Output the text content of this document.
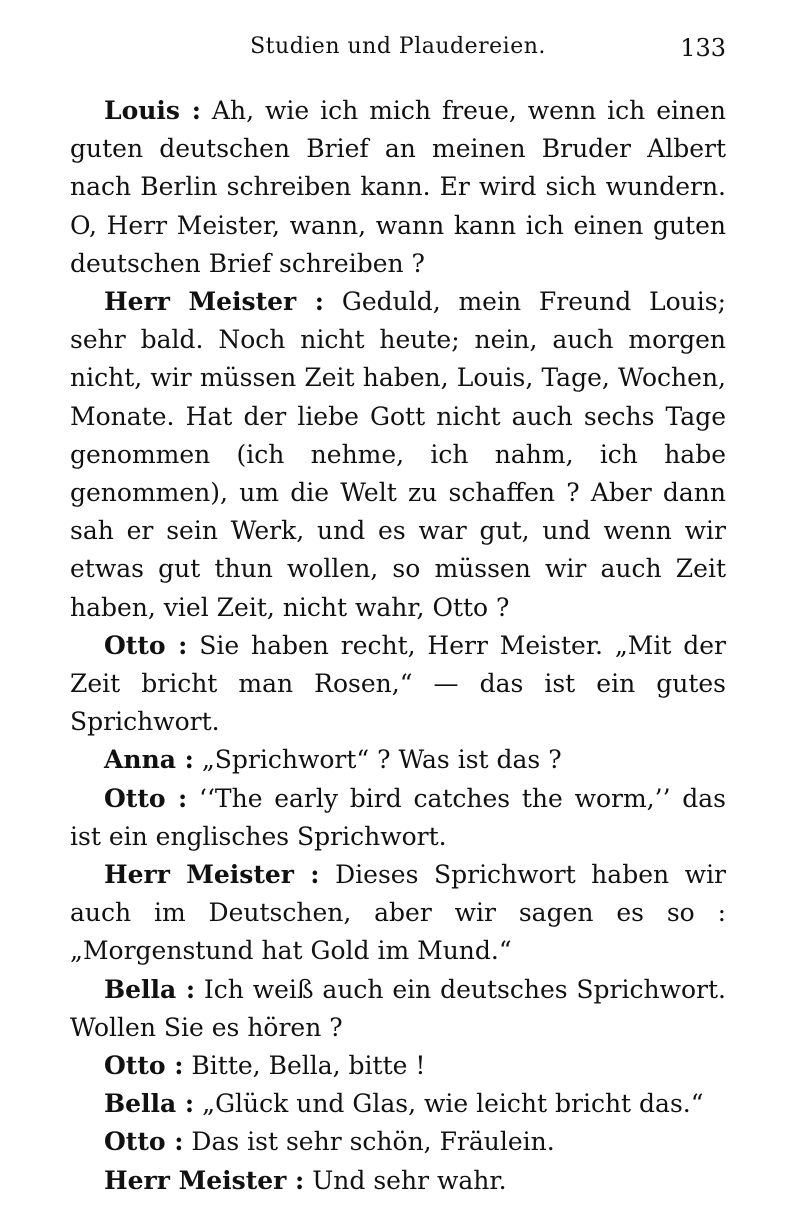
Studien und Plaudereien.	133

Louis : Ah, wie ich mich freue, wenn ich einen guten deutschen Brief an meinen Bruder Albert nach Berlin schreiben kann. Er wird sich wundern. O, Herr Meister, wann, wann kann ich einen guten deutschen Brief schreiben ?

Herr Meister : Geduld, mein Freund Louis; sehr bald. Noch nicht heute; nein, auch morgen nicht, wir müssen Zeit haben, Louis, Tage, Wochen, Monate. Hat der liebe Gott nicht auch sechs Tage genommen (ich nehme, ich nahm, ich habe genommen), um die Welt zu schaffen ? Aber dann sah er sein Werk, und es war gut, und wenn wir etwas gut thun wollen, so müssen wir auch Zeit haben, viel Zeit, nicht wahr, Otto ?

Otto : Sie haben recht, Herr Meister. „Mit der Zeit bricht man Rosen,“ — das ist ein gutes Sprichwort.

Anna : „Sprichwort“ ? Was ist das ?

Otto : ‘‘The early bird catches the worm,’’ das ist ein englisches Sprichwort.

Herr Meister : Dieses Sprichwort haben wir auch im Deutschen, aber wir sagen es so : „Morgenstund hat Gold im Mund.“

Bella : Ich weiß auch ein deutsches Sprichwort. Wollen Sie es hören ?

Otto : Bitte, Bella, bitte !

Bella : „Glück und Glas, wie leicht bricht das.“

Otto : Das ist sehr schön, Fräulein.

Herr Meister : Und sehr wahr.
